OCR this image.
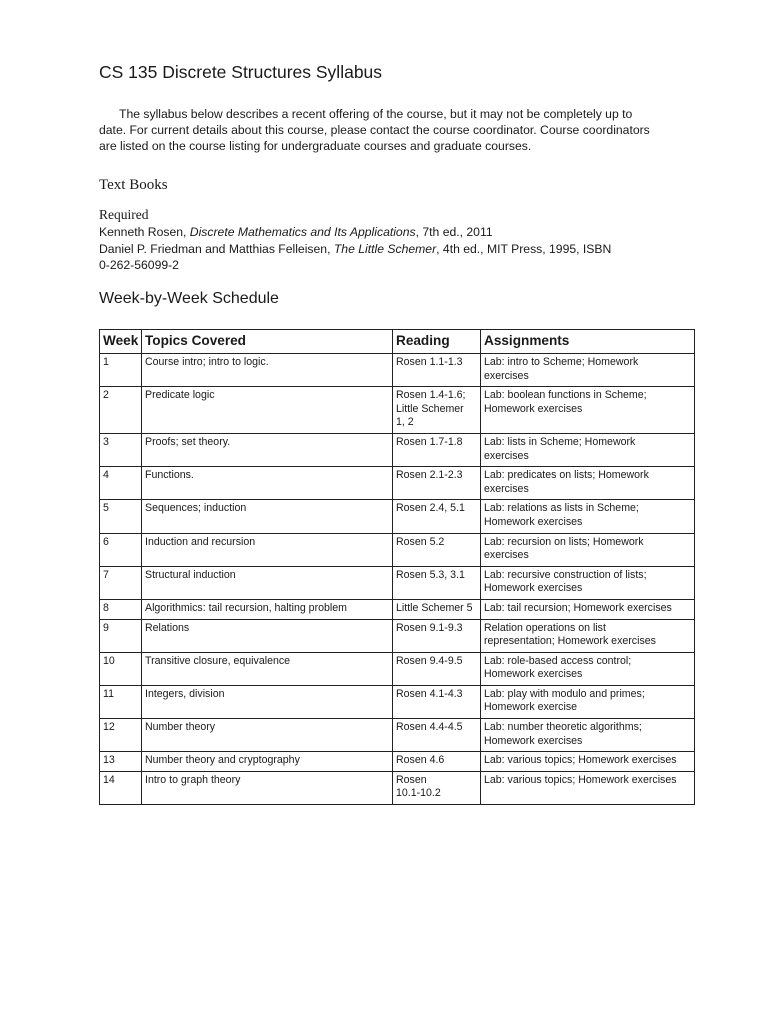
CS 135 Discrete Structures Syllabus

The syllabus below describes a recent offering of the course, but it may not be completely up to
date. For current details about this course, please contact the course coordinator. Course coordinators
are listed on the course listing for undergraduate courses and graduate courses.

Text Books
Required
Kenneth Rosen, Discrete Mathematics and Its Applications, 7th ed., 2011
Daniel P. Friedman and Matthias Felleisen, The Little Schemer, 4th ed., MIT Press, 1995, ISBN
0-262-56099-2
Week-by-Week Schedule
Week	Topics Covered	Reading	Assignments
1	Course intro; intro to logic.	Rosen 1.1-1.3	Lab: intro to Scheme; Homework
exercises
2	Predicate logic	Rosen 1.4-1.6;
Little Schemer
1, 2	Lab: boolean functions in Scheme;
Homework exercises
3	Proofs; set theory.	Rosen 1.7-1.8	Lab: lists in Scheme; Homework
exercises
4	Functions.	Rosen 2.1-2.3	Lab: predicates on lists; Homework
exercises
5	Sequences; induction	Rosen 2.4, 5.1	Lab: relations as lists in Scheme;
Homework exercises
6	Induction and recursion	Rosen 5.2	Lab: recursion on lists; Homework
exercises
7	Structural induction	Rosen 5.3, 3.1	Lab: recursive construction of lists;
Homework exercises
8	Algorithmics: tail recursion, halting problem	Little Schemer 5	Lab: tail recursion; Homework exercises
9	Relations	Rosen 9.1-9.3	Relation operations on list
representation; Homework exercises
10	Transitive closure, equivalence	Rosen 9.4-9.5	Lab: role-based access control;
Homework exercises
11	Integers, division	Rosen 4.1-4.3	Lab: play with modulo and primes;
Homework exercise
12	Number theory	Rosen 4.4-4.5	Lab: number theoretic algorithms;
Homework exercises
13	Number theory and cryptography	Rosen 4.6	Lab: various topics; Homework exercises
14	Intro to graph theory	Rosen
10.1-10.2	Lab: various topics; Homework exercises
